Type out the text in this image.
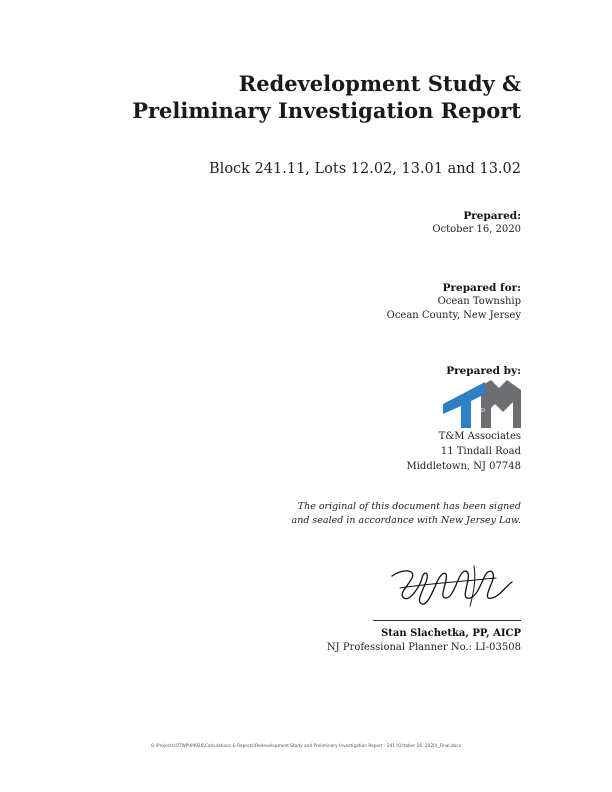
Redevelopment Study &
Preliminary Investigation Report
Block 241.11, Lots 12.02, 13.01 and 13.02
Prepared:
October 16, 2020
Prepared for:
Ocean Township
Ocean County, New Jersey
Prepared by:
AND
T&M Associates
11 Tindall Road
Middletown, NJ 07748
The original of this document has been signed
and sealed in accordance with New Jersey Law.
Stan Slachetka, PP, AICP
NJ Professional Planner No.: LI-03508
G:\Projects\OTWP\09926\Calculations & Reports\Redevelopment Study and Preliminary Investigation Report - 241 (October 16, 2020)_Final.docx
